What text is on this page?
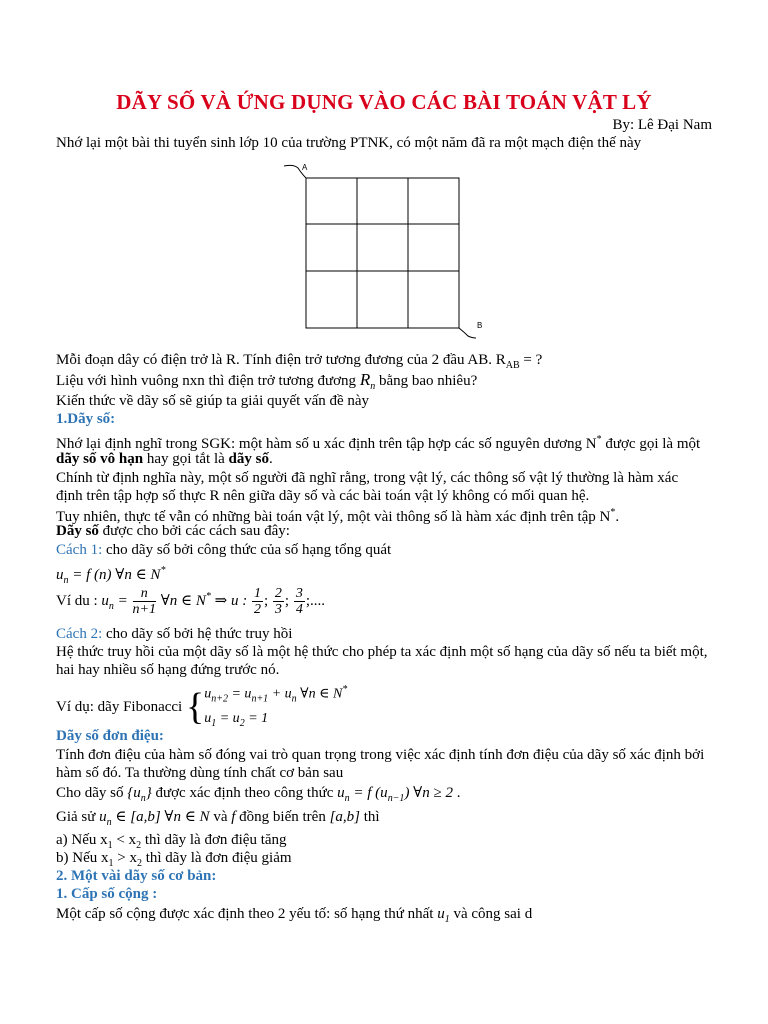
DÃY SỐ VÀ ỨNG DỤNG VÀO CÁC BÀI TOÁN VẬT LÝ
By: Lê Đại Nam
Nhớ lại một bài thi tuyển sinh lớp 10 của trường PTNK, có một năm đã ra một mạch điện thế này
A
B
Mỗi đoạn dây có điện trở là R. Tính điện trở tương đương của 2 đầu AB. $R_{AB}$ = ?
Liệu với hình vuông nxn thì điện trở tương đương $R_n$ bằng bao nhiêu?
Kiến thức về dãy số sẽ giúp ta giải quyết vấn đề này
1.Dãy số:
Nhớ lại định nghĩ trong SGK: một hàm số u xác định trên tập hợp các số nguyên dương N* được gọi là một
dãy số vô hạn hay gọi tắt là dãy số.
Chính từ định nghĩa này, một số người đã nghĩ rằng, trong vật lý, các thông số vật lý thường là hàm xác
định trên tập hợp số thực R nên giữa dãy số và các bài toán vật lý không có mối quan hệ.
Tuy nhiên, thực tế vẫn có những bài toán vật lý, một vài thông số là hàm xác định trên tập N*.
Dãy số được cho bởi các cách sau đây:
Cách 1: cho dãy số bởi công thức của số hạng tổng quát
$u_n = f$ (n) ∀n ∈ N*
Ví du : $u_n = \frac{n}{n+1}$ ∀n ∈ N* ⇒ u : $\frac{1}{2}$ ; $\frac{2}{3}$ ; $\frac{3}{4}$ ;....
Cách 2: cho dãy số bởi hệ thức truy hồi
Hệ thức truy hồi của một dãy số là một hệ thức cho phép ta xác định một số hạng của dãy số nếu ta biết một,
hai hay nhiều số hạng đứng trước nó.
Ví dụ: dãy Fibonacci {$u_{n+2} = u_{n+1} + u_n$ ∀n ∈ N*
$u_1 = u_2 = 1$
Dãy số đơn điệu:
Tính đơn điệu của hàm số đóng vai trò quan trọng trong việc xác định tính đơn điệu của dãy số xác định bởi
hàm số đó. Ta thường dùng tính chất cơ bản sau
Cho dãy số $\{u_n\}$ được xác định theo công thức $u_n = f$ $(u_{n-1})$ ∀n ≥ 2 .
Giả sử $u_n$ ∈ [a,b] ∀n ∈ N và f đồng biến trên [a,b] thì
a) Nếu $x_1 < x_2$ thì dãy là đơn điệu tăng
b) Nếu $x_1 > x_2$ thì dãy là đơn điệu giảm
2. Một vài dãy số cơ bản:
1. Cấp số cộng :
Một cấp số cộng được xác định theo 2 yếu tố: số hạng thứ nhất $u_1$ và công sai d
